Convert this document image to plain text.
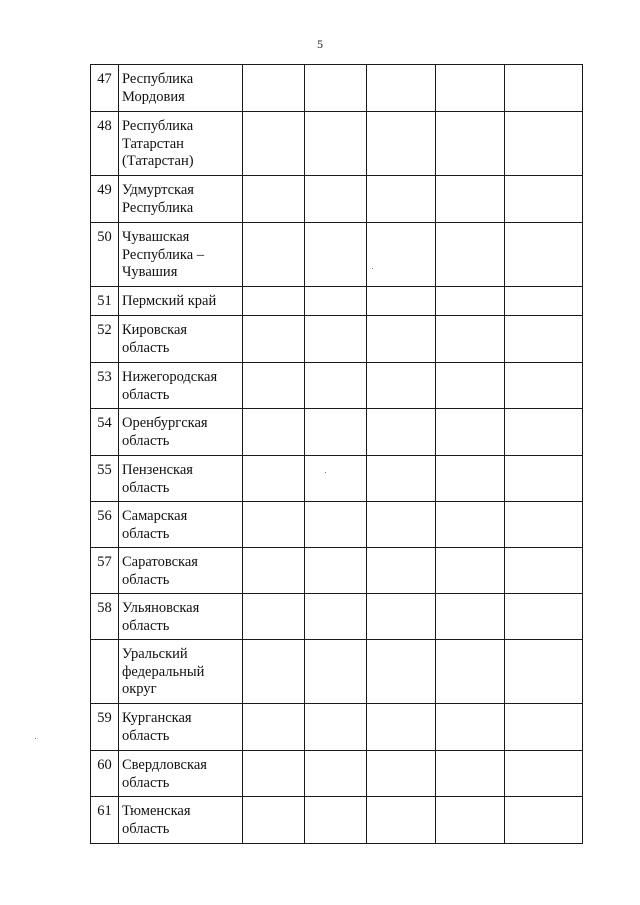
5
47	Республика
Мордовия					

48	Республика
Татарстан
(Татарстан)					

49	Удмуртская
Республика					

50	Чувашская
Республика –
Чувашия					

51	Пермский край					

52	Кировская
область					

53	Нижегородская
область					

54	Оренбургская
область					

55	Пензенская
область					

56	Самарская
область					

57	Саратовская
область					

58	Ульяновская
область					

	Уральский
федеральный
округ					

59	Курганская
область					

60	Свердловская
область					

61	Тюменская
область					
